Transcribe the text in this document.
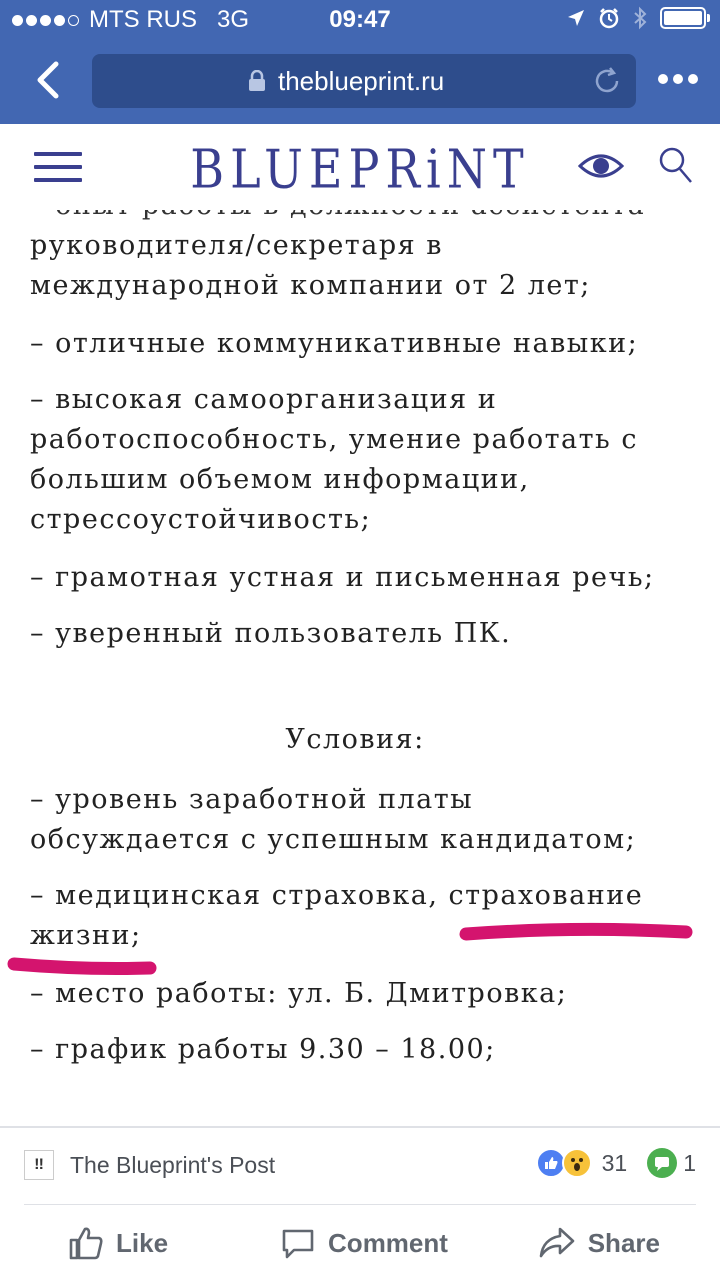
MTS RUS 3G	09:47
theblueprint.ru
BLUEPRiNT

руководителя/секретаря в
международной компании от 2 лет;

– отличные коммуникативные навыки;

– высокая самоорганизация и
работоспособность, умение работать с
большим объемом информации,
стрессоустойчивость;

– грамотная устная и письменная речь;

– уверенный пользователь ПК.

Условия:

– уровень заработной платы
обсуждается с успешным кандидатом;

– медицинская страховка, страхование
жизни;

– место работы: ул. Б. Дмитровка;

– график работы 9.30 – 18.00;

‼	The Blueprint's Post	31 1
Like	Comment	Share
